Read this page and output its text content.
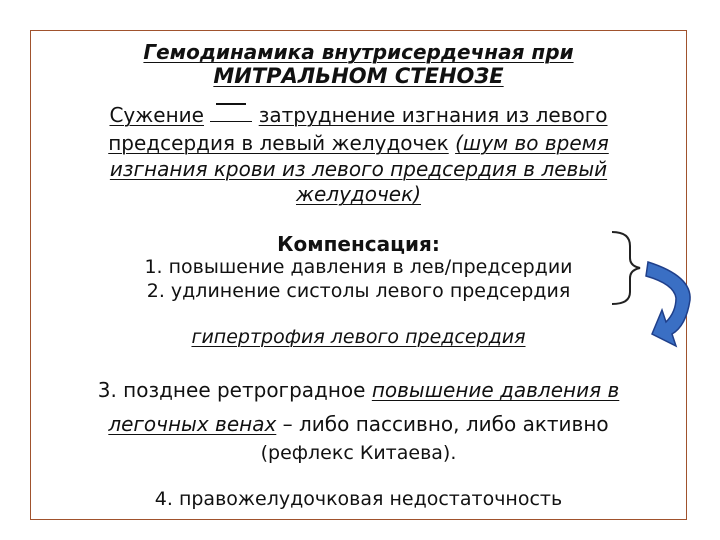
Гемодинамика внутрисердечная при
МИТРАЛЬНОМ СТЕНОЗЕ
Сужение	затруднение изгнания из левого
предсердия в левый желудочек (шум во время
изгнания крови из левого предсердия в левый
желудочек)
Компенсация:
1. повышение давления в лев/предсердии
2. удлинение систолы левого предсердия
гипертрофия левого предсердия
3. позднее ретроградное повышение давления в
легочных венах – либо пассивно, либо активно
(рефлекс Китаева).
4. правожелудочковая недостаточность
